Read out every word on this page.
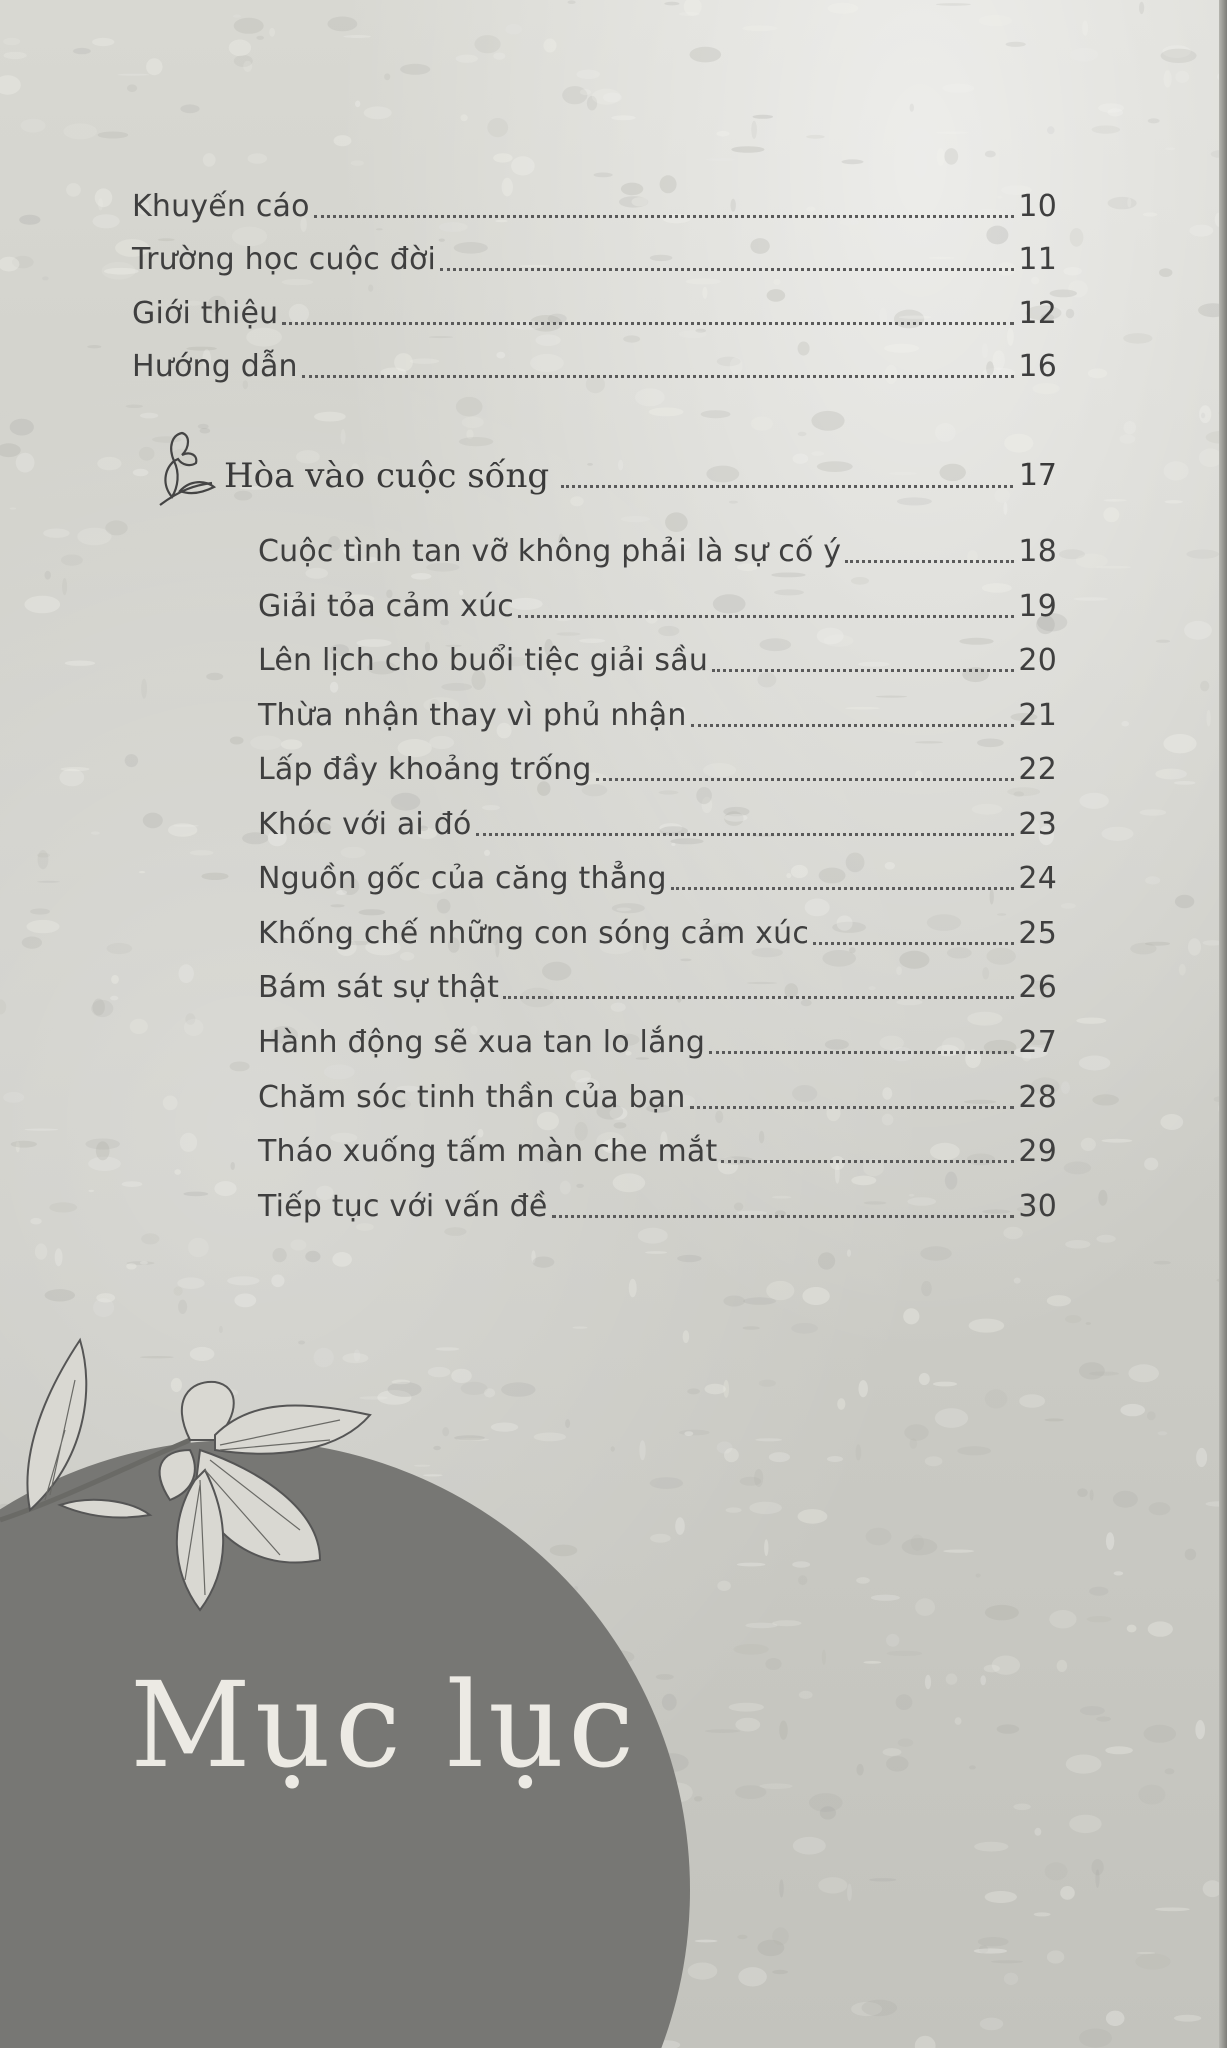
Mục lục
Khuyến cáo	10
Trường học cuộc đời	11
Giới thiệu	12
Hướng dẫn	16
Hòa vào cuộc sống	17
Cuộc tình tan vỡ không phải là sự cố ý	18
Giải tỏa cảm xúc	19
Lên lịch cho buổi tiệc giải sầu	20
Thừa nhận thay vì phủ nhận	21
Lấp đầy khoảng trống	22
Khóc với ai đó	23
Nguồn gốc của căng thẳng	24
Khống chế những con sóng cảm xúc	25
Bám sát sự thật	26
Hành động sẽ xua tan lo lắng	27
Chăm sóc tinh thần của bạn	28
Tháo xuống tấm màn che mắt	29
Tiếp tục với vấn đề	30
